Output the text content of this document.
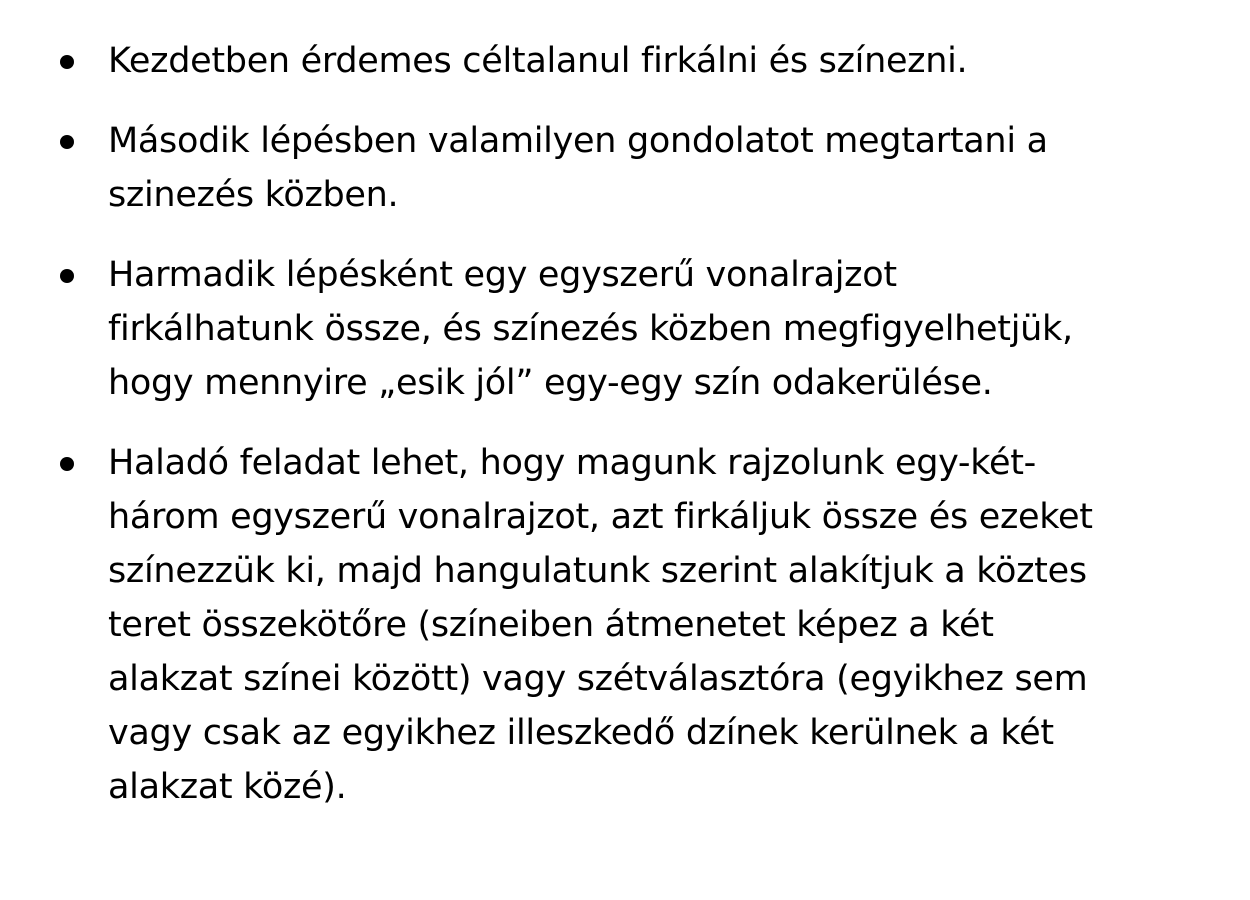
Kezdetben érdemes céltalanul firkálni és színezni.
Második lépésben valamilyen gondolatot megtartani a
szinezés közben.
Harmadik lépésként egy egyszerű vonalrajzot
firkálhatunk össze, és színezés közben megfigyelhetjük,
hogy mennyire „esik jól” egy-egy szín odakerülése.
Haladó feladat lehet, hogy magunk rajzolunk egy-két-
három egyszerű vonalrajzot, azt firkáljuk össze és ezeket
színezzük ki, majd hangulatunk szerint alakítjuk a köztes
teret összekötőre (színeiben átmenetet képez a két
alakzat színei között) vagy szétválasztóra (egyikhez sem
vagy csak az egyikhez illeszkedő dzínek kerülnek a két
alakzat közé).
